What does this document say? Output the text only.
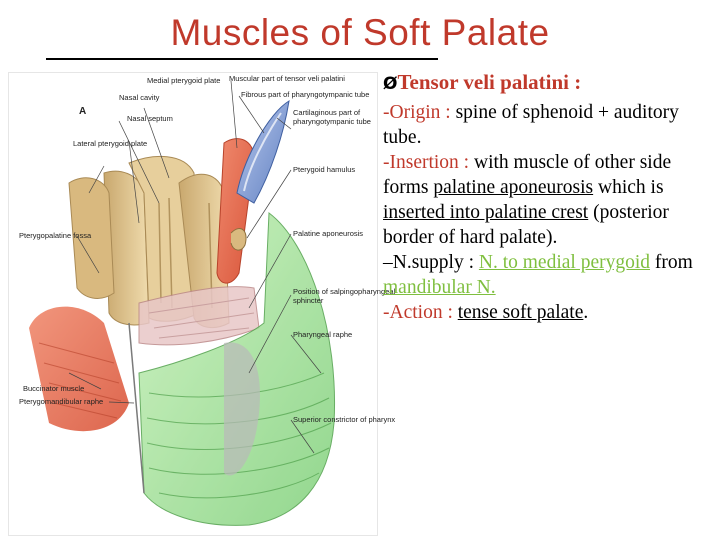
Muscles of Soft Palate
A
Medial pterygoid plate
Nasal cavity
Nasal septum
Lateral pterygoid plate
Pterygopalatine fossa
Buccinator muscle
Pterygomandibular raphe
Muscular part of tensor veli palatini
Fibrous part of pharyngotympanic tube
Cartilaginous part of
pharyngotympanic tube
Pterygoid hamulus
Palatine aponeurosis
Position of salpingopharyngeal
sphincter
Pharyngeal raphe
Superior constrictor of pharynx

ØTensor veli palatini :

-Origin : spine of sphenoid + auditory tube.

-Insertion : with muscle of other side forms palatine aponeurosis which is inserted into palatine crest (posterior border of hard palate).

–N.supply : N. to medial perygoid from mandibular N.

-Action : tense soft palate.
